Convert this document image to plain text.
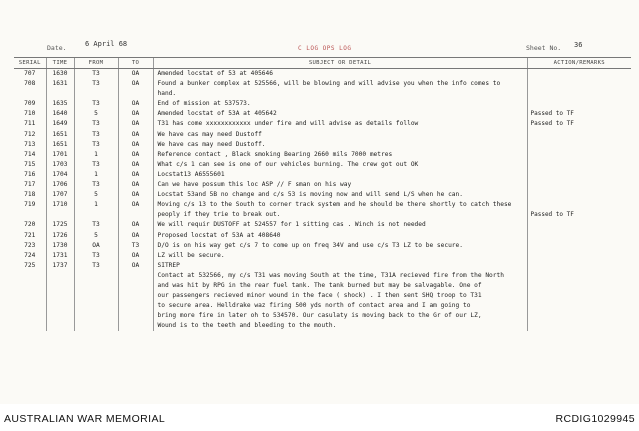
Date.	6 April 68
C LOG OPS LOG	Sheet No. 36
SERIAL	TIME	FROM	TO	SUBJECT OR DETAIL	ACTION/REMARKS
707	1630	T3	OA	Amended locstat of 53 at 405646	
708	1631	T3	OA	Found a bunker complex at 525566, will be blowing and will advise you when the info comes to	
				hand.	
709	1635	T3	OA	End of mission at 537573.	
710	1640	5	OA	Amended locstat of 53A at 405642	Passed to TF
711	1649	T3	OA	T31 has come xxxxxxxxxxxx under fire and will advise as details follow	Passed to TF
712	1651	T3	OA	We have cas may need Dustoff	
713	1651	T3	OA	We have cas may need Dustoff.	
714	1701	1	OA	Reference contact , Black smoking Bearing 2660 mils 7000 metres	
715	1703	T3	OA	What c/s 1 can see is one of our vehicles burning. The crew got out OK	
716	1704	1	OA	Locstat13 A6555601	
717	1706	T3	OA	Can we have possum this loc ASP // F sman on his way	
718	1707	5	OA	Locstat 53and 5B no change and c/s 53 is moving now and will send L/S when he can.	
719	1710	1	OA	Moving c/s 13 to the South to corner track system and he should be there shortly to catch these	
				peoply if they trie to break out.	Passed to TF
720	1725	T3	OA	We will requir DUSTOFF at 524557 for 1 sitting cas . Winch is not needed	
721	1726	5	OA	Proposed locstat of 53A at 408640	
723	1730	OA	T3	D/O is on his way get c/s 7 to come up on freq 34V and use c/s T3 LZ to be secure.	
724	1731	T3	OA	LZ will be secure.	
725	1737	T3	OA	SITREP	
				Contact at 532566, my c/s T31 was moving South at the time, T31A recieved fire from the North	
				and was hit by RPG in the rear fuel tank. The tank burned but may be salvagable. One of	
				our passengers recieved minor wound in the face ( shock) . I then sent SHQ troop to T31	
				to secure area. Helldrake waz firing 500 yds north of contact area and I am going to	
				bring more fire in later oh to 534570. Our casulaty is moving back to the Gr of our LZ,	
				Wound is to the teeth and bleeding to the mouth.	
AUSTRALIAN WAR MEMORIAL	RCDIG1029945
